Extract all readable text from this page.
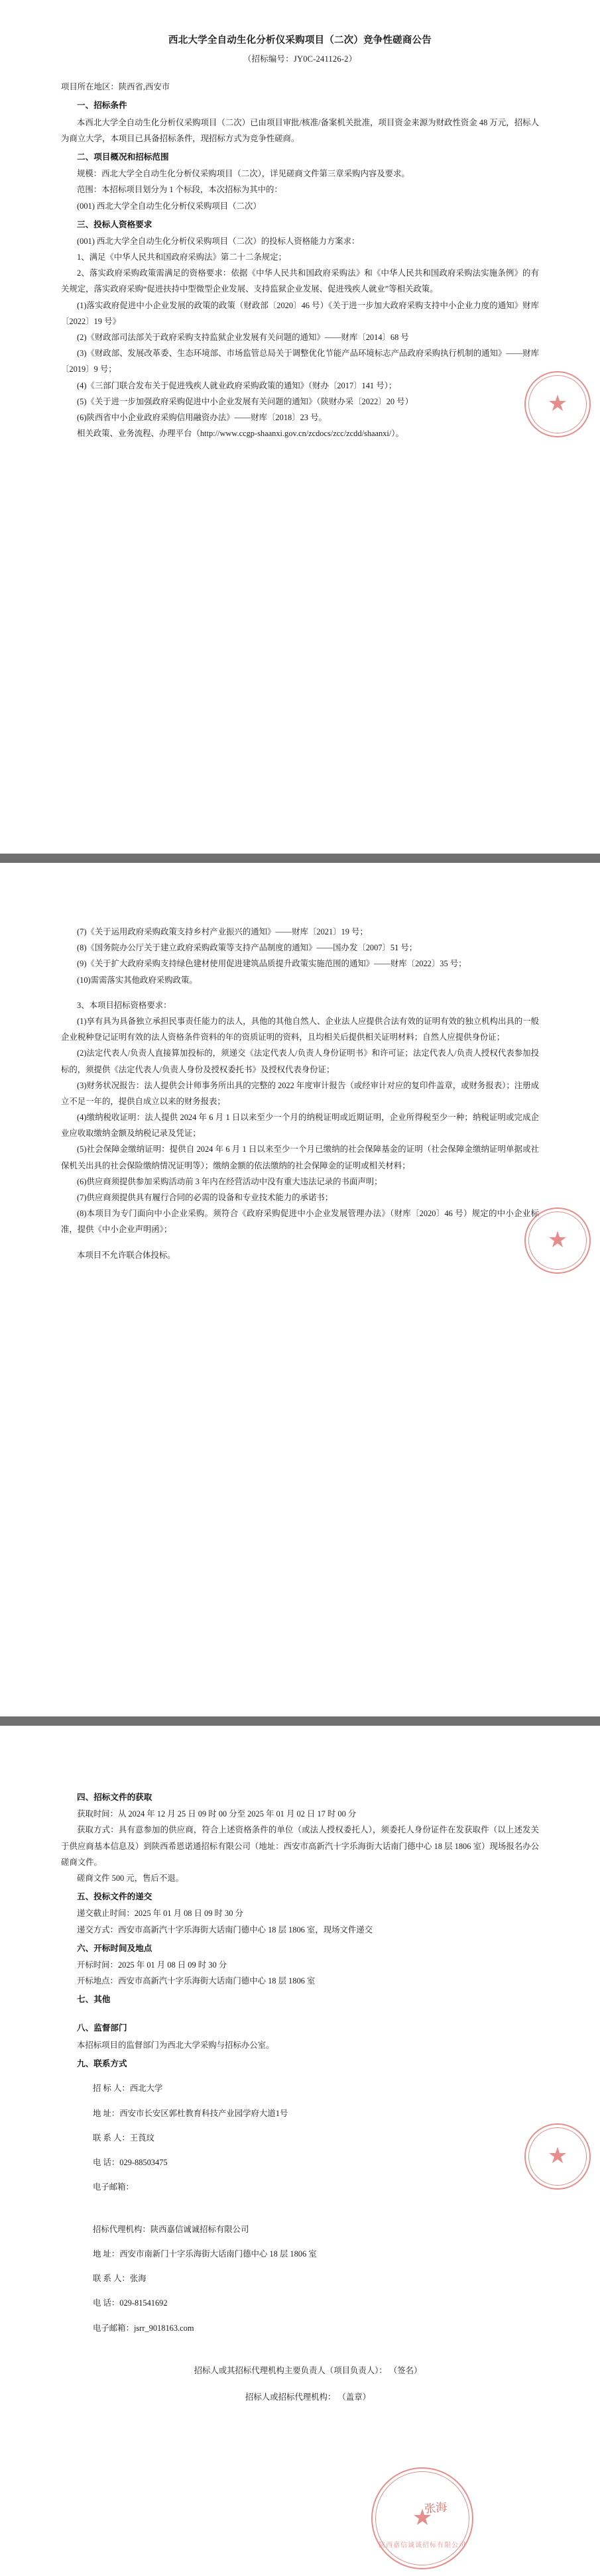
西北大学全自动生化分析仪采购项目（二次）竞争性磋商公告
（招标编号：JY0C-241126-2）

项目所在地区：陕西省,西安市

一、招标条件

本西北大学全自动生化分析仪采购项目（二次）已由项目审批/核准/备案机关批准，项目资金来源为财政性资金 48 万元，招标人为商立大学，本项目已具备招标条件，现招标方式为竞争性磋商。

二、项目概况和招标范围

规模：西北大学全自动生化分析仪采购项目（二次），详见磋商文件第三章采购内容及要求。

范围：本招标项目划分为 1 个标段，本次招标为其中的：

(001) 西北大学全自动生化分析仪采购项目（二次）

三、投标人资格要求

(001) 西北大学全自动生化分析仪采购项目（二次）的投标人资格能力方案求：

1、满足《中华人民共和国政府采购法》第二十二条规定；

2、落实政府采购政策需满足的资格要求：依据《中华人民共和国政府采购法》和《中华人民共和国政府采购法实施条例》的有关规定，落实政府采购“促进扶持中型微型企业发展、支持监狱企业发展、促进残疾人就业”等相关政策。

(1)落实政府促进中小企业发展的政策的政策（财政部〔2020〕46 号）《关于进一步加大政府采购支持中小企业力度的通知》财库〔2022〕19 号》

(2)《财政部司法部关于政府采购支持监狱企业发展有关问题的通知》——财库〔2014〕68 号

(3)《财政部、发展改革委、生态环境部、市场监管总局关于调整优化节能产品环境标志产品政府采购执行机制的通知》——财库〔2019〕9 号；

(4)《三部门联合发布关于促进残疾人就业政府采购政策的通知》（财办〔2017〕141 号）；

(5)《关于进一步加强政府采购促进中小企业发展有关问题的通知》（陕财办采〔2022〕20 号）

(6)陕西省中小企业政府采购信用融资办法》——财库〔2018〕23 号。

相关政策、业务流程、办理平台（http://www.ccgp-shaanxi.gov.cn/zcdocs/zcc/zcdd/shaanxi/）。

★

(7)《关于运用政府采购政策支持乡村产业振兴的通知》——财库〔2021〕19 号；

(8)《国务院办公厅关于建立政府采购政策等支持产品制度的通知》——国办发〔2007〕51 号；

(9)《关于扩大政府采购支持绿色建材使用促进建筑品质提升政策实施范围的通知》——财库〔2022〕35 号；

(10)需需落实其他政府采购政策。

3、本项目招标资格要求：

(1)享有具为具备独立承担民事责任能力的法人，具他的其他自然人、企业法人应提供合法有效的证明有效的独立机构出具的一般企业税种登记证明有效的法人资格条件资料的年的资质证明的资料，且均相关后提供相关证明材料；自然人应提供身份证；

(2)法定代表人/负责人直接算加投标的，须递交《法定代表人/负责人身份证明书》和许可证；法定代表人/负责人授权代表参加投标的，须提供《法定代表人/负责人身份及授权委托书》及授权代表身份证；

(3)财务状况报告：法人提供会计师事务所出具的完整的 2022 年度审计报告（或经审计对应的复印件盖章，或财务报表）；注册成立不足一年的，提供自成立以来的财务报表；

(4)缴纳税收证明：法人提供 2024 年 6 月 1 日以来至少一个月的纳税证明或近期证明，企业所得税至少一种；纳税证明或完成企业应收取缴纳金额及纳税记录及凭证；

(5)社会保障金缴纳证明：提供自 2024 年 6 月 1 日以来至少一个月已缴纳的社会保障基金的证明（社会保障金缴纳证明单据或社保机关出具的社会保险缴纳情况证明等）；缴纳金额的依法缴纳的社会保障金的证明或相关材料；

(6)供应商须提供参加采购活动前 3 年内在经营活动中没有重大违法记录的书面声明；

(7)供应商须提供具有履行合同的必需的设备和专业技术能力的承诺书；

(8)本项目为专门面向中小企业采购。须符合《政府采购促进中小企业发展管理办法》（财库〔2020〕46 号）规定的中小企业标准，提供《中小企业声明函》；

本项目不允许联合体投标。

★

四、招标文件的获取

获取时间：从 2024 年 12 月 25 日 09 时 00 分至 2025 年 01 月 02 日 17 时 00 分

获取方式：具有意参加的供应商，符合上述资格条件的单位（或法人授权委托人），须委托人身份证件在发获取件（以上述发关于供应商基本信息及）到陕西希恩诺通招标有限公司（地址：西安市高新汽十字乐海街大话南门德中心 18 层 1806 室）现场报名办公磋商文件。

磋商文件 500 元，售后不退。

五、投标文件的递交

递交截止时间：2025 年 01 月 08 日 09 时 30 分

递交方式：西安市高新汽十字乐海街大话南门德中心 18 层 1806 室，现场文件递交

六、开标时间及地点

开标时间：2025 年 01 月 08 日 09 时 30 分

开标地点：西安市高新汽十字乐海街大话南门德中心 18 层 1806 室

七、其他

八、监督部门

本招标项目的监督部门为西北大学采购与招标办公室。

九、联系方式

招 标 人：西北大学

地 址：西安市长安区郭杜教育科技产业园学府大道1号

联 系 人：王莨玟

电 话：029-88503475

电子邮箱：

招标代理机构：陕西嘉信诚诚招标有限公司

地 址：西安市南新门十字乐海街大话南门德中心 18 层 1806 室

联 系 人：张海

电 话：029-81541692

电子邮箱：jsrr_9018163.com

招标人或其招标代理机构主要负责人（项目负责人）： （签名）

招标人或招标代理机构： （盖章）

张海
★
陕西嘉信诚诚招标有限公司
★
